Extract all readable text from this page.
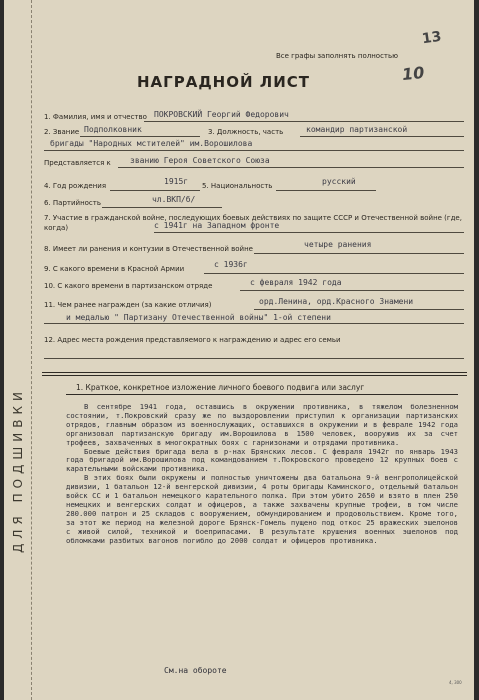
ДЛЯ ПОДШИВКИ
13
Все графы заполнять полностью
10
НАГРАДНОЙ ЛИСТ
1. Фамилия, имя и отчество ПОКРОВСКИЙ Георгий Федорович
2. Звание Подполковник	3. Должность, часть	командир партизанской
бригады "Народных мстителей" им.Ворошилова
Представляется к званию Героя Советского Союза
4. Год рождения	1915г 5. Национальность	русский
6. Партийность	чл.ВКП/б/
7. Участие в гражданской войне, последующих боевых действиях по защите СССР и Отечественной войне (где, когда)	с 1941г на Западном фронте
8. Имеет ли ранения и контузии в Отечественной войне	четыре ранения
9. С какого времени в Красной Армии	с 1936г
10. С какого времени в партизанском отряде	с февраля 1942 года
11. Чем ранее награжден (за какие отличия)	орд.Ленина, орд.Красного Знамени
и медалью " Партизану Отечественной войны" 1-ой степени
12. Адрес места рождения представляемого к награждению и адрес его семьи
1. Краткое, конкретное изложение личного боевого подвига или заслуг

В сентябре 1941 года, оставшись в окружении противника, в тяжелом болезненном состоянии, т.Покровский сразу же по выздоровлении приступил к организации партизанских отрядов, главным образом из военнослужащих, оставшихся в окружении и в феврале 1942 года организовал партизанскую бригаду им.Ворошилова в 1500 человек, вооружив их за счет трофеев, захваченных в многократных боях с гарнизонами и отрядами противника.

Боевые действия бригада вела в р-нах Брянских лесов. С февраля 1942г по январь 1943 года бригадой им.Ворошилова под командованием т.Покровского проведено 12 крупных боев с карательными войсками противника.

В этих боях были окружены и полностью уничтожены два батальона 9-й венгрополицейской дивизии, 1 батальон 12-й венгерской дивизии, 4 роты бригады Каминского, отдельный батальон войск СС и 1 батальон немецкого карательного полка. При этом убито 2650 и взято в плен 250 немецких и венгерских солдат и офицеров, а также захвачены крупные трофеи, в том числе 280.000 патрон и 25 складов с вооружением, обмундированием и продовольствием. Кроме того, за этот же период на железной дороге Брянск-Гомель пущено под откос 25 вражеских эшелонов с живой силой, техникой и боеприпасами. В результате крушения военных эшелонов под обломками разбитых вагонов погибло до 2000 солдат и офицеров противника.

См.на обороте
4, 300
